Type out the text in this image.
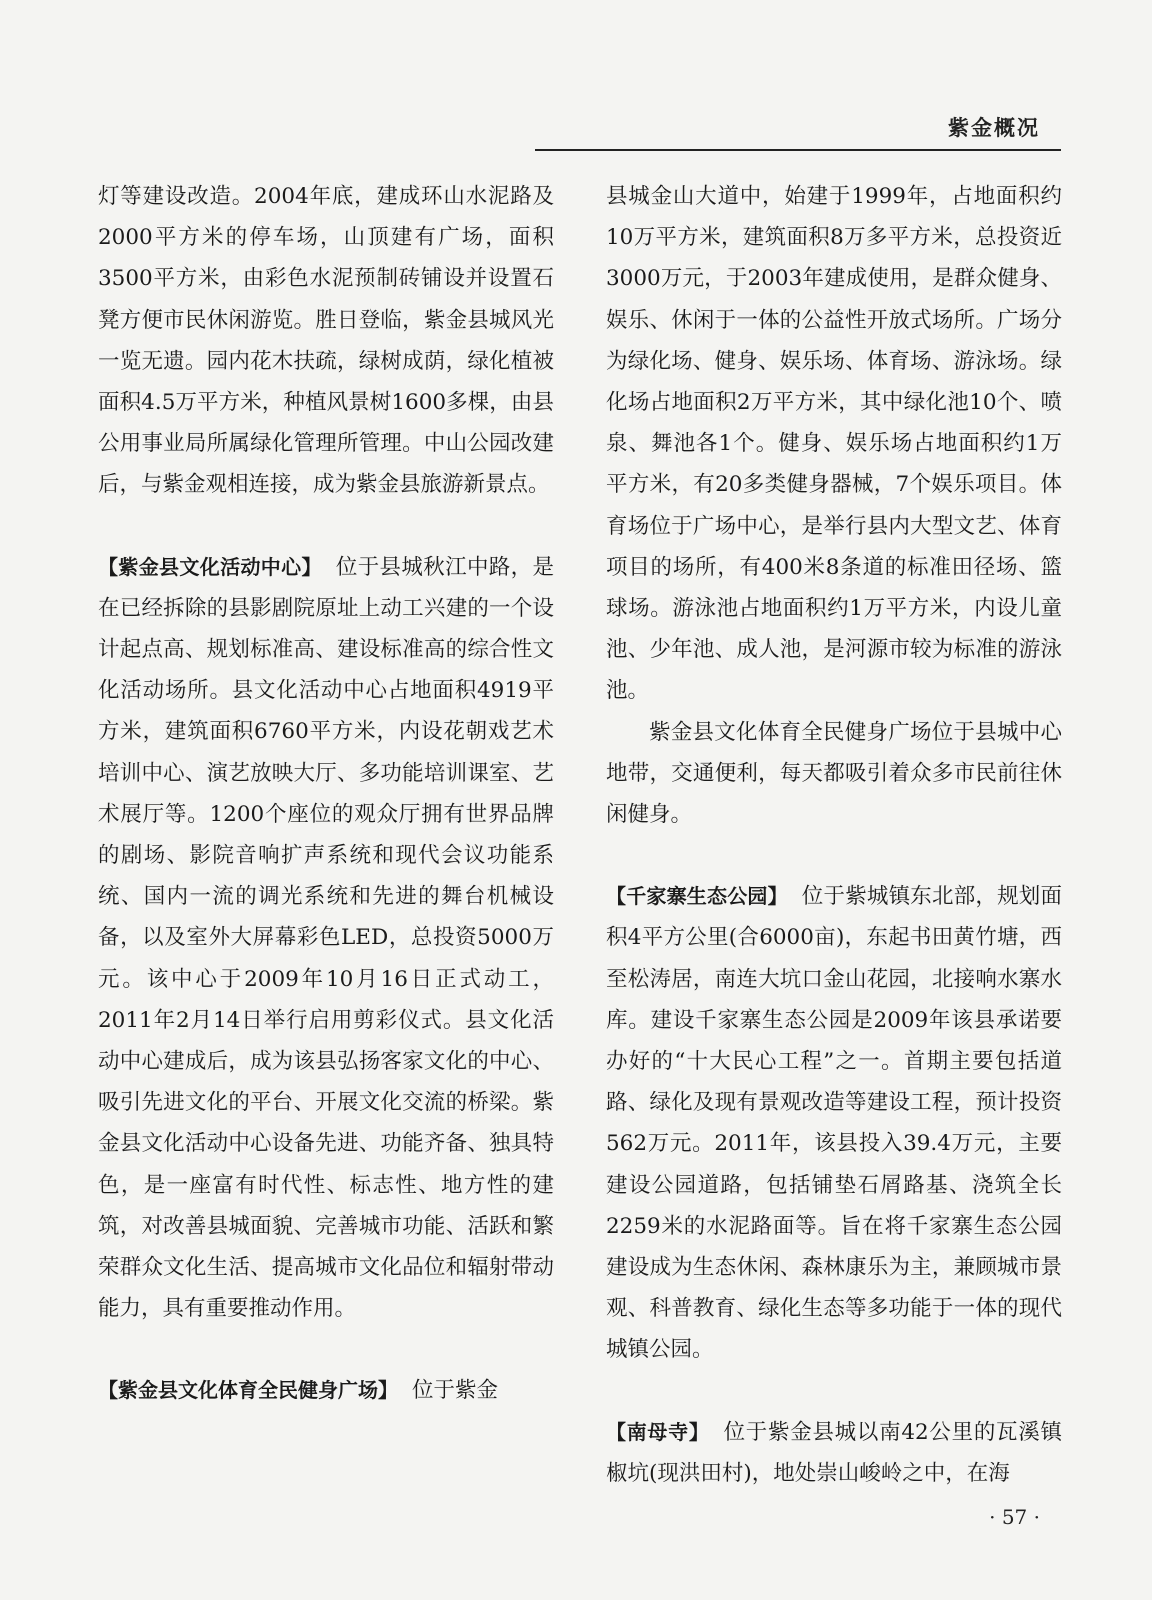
紫金概况

灯等建设改造。2004年底，建成环山水泥路及2000平方米的停车场，山顶建有广场，面积3500平方米，由彩色水泥预制砖铺设并设置石凳方便市民休闲游览。胜日登临，紫金县城风光一览无遗。园内花木扶疏，绿树成荫，绿化植被面积4.5万平方米，种植风景树1600多棵，由县公用事业局所属绿化管理所管理。中山公园改建后，与紫金观相连接，成为紫金县旅游新景点。

【紫金县文化活动中心】 位于县城秋江中路，是在已经拆除的县影剧院原址上动工兴建的一个设计起点高、规划标准高、建设标准高的综合性文化活动场所。县文化活动中心占地面积4919平方米，建筑面积6760平方米，内设花朝戏艺术培训中心、演艺放映大厅、多功能培训课室、艺术展厅等。1200个座位的观众厅拥有世界品牌的剧场、影院音响扩声系统和现代会议功能系统、国内一流的调光系统和先进的舞台机械设备，以及室外大屏幕彩色LED，总投资5000万元。该中心于2009年10月16日正式动工，2011年2月14日举行启用剪彩仪式。县文化活动中心建成后，成为该县弘扬客家文化的中心、吸引先进文化的平台、开展文化交流的桥梁。紫金县文化活动中心设备先进、功能齐备、独具特色，是一座富有时代性、标志性、地方性的建筑，对改善县城面貌、完善城市功能、活跃和繁荣群众文化生活、提高城市文化品位和辐射带动能力，具有重要推动作用。

【紫金县文化体育全民健身广场】 位于紫金

县城金山大道中，始建于1999年，占地面积约10万平方米，建筑面积8万多平方米，总投资近3000万元，于2003年建成使用，是群众健身、娱乐、休闲于一体的公益性开放式场所。广场分为绿化场、健身、娱乐场、体育场、游泳场。绿化场占地面积2万平方米，其中绿化池10个、喷泉、舞池各1个。健身、娱乐场占地面积约1万平方米，有20多类健身器械，7个娱乐项目。体育场位于广场中心，是举行县内大型文艺、体育项目的场所，有400米8条道的标准田径场、篮球场。游泳池占地面积约1万平方米，内设儿童池、少年池、成人池，是河源市较为标准的游泳池。

紫金县文化体育全民健身广场位于县城中心地带，交通便利，每天都吸引着众多市民前往休闲健身。

【千家寨生态公园】 位于紫城镇东北部，规划面积4平方公里(合6000亩)，东起书田黄竹塘，西至松涛居，南连大坑口金山花园，北接响水寨水库。建设千家寨生态公园是2009年该县承诺要办好的“十大民心工程”之一。首期主要包括道路、绿化及现有景观改造等建设工程，预计投资562万元。2011年，该县投入39.4万元，主要建设公园道路，包括铺垫石屑路基、浇筑全长2259米的水泥路面等。旨在将千家寨生态公园建设成为生态休闲、森林康乐为主，兼顾城市景观、科普教育、绿化生态等多功能于一体的现代城镇公园。

【南母寺】 位于紫金县城以南42公里的瓦溪镇椒坑(现洪田村)，地处崇山峻岭之中，在海

· 57 ·
